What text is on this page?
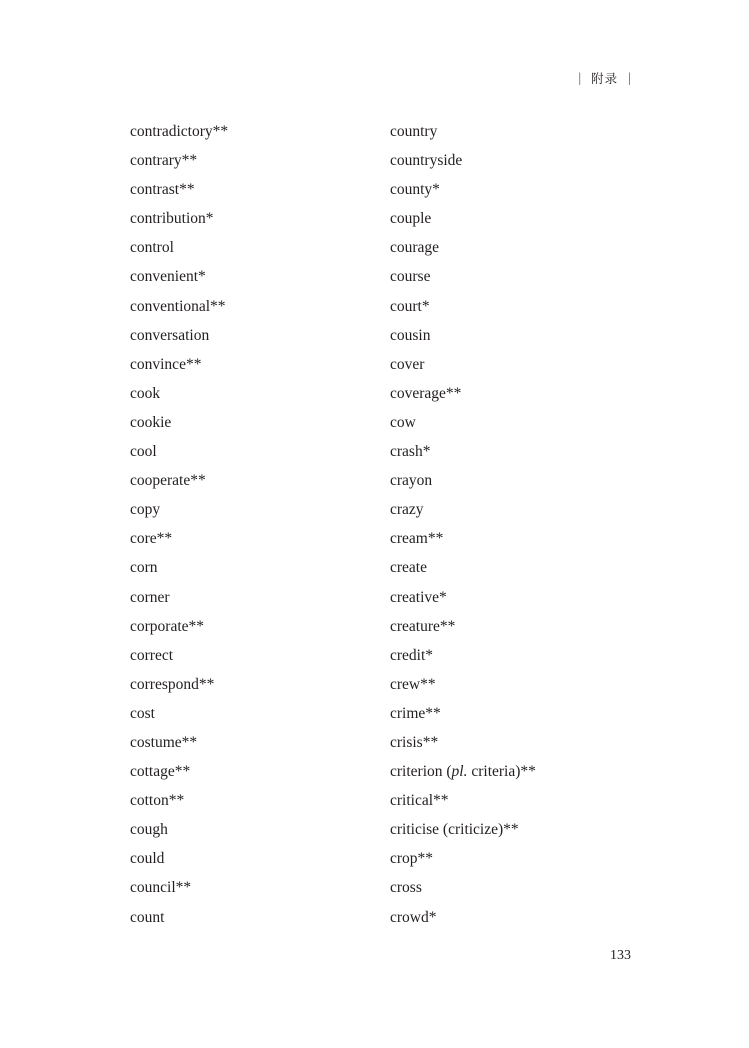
| 附录 |
contradictory**
contrary**
contrast**
contribution*
control
convenient*
conventional**
conversation
convince**
cook
cookie
cool
cooperate**
copy
core**
corn
corner
corporate**
correct
correspond**
cost
costume**
cottage**
cotton**
cough
could
council**
count
country
countryside
county*
couple
courage
course
court*
cousin
cover
coverage**
cow
crash*
crayon
crazy
cream**
create
creative*
creature**
credit*
crew**
crime**
crisis**
criterion (pl. criteria)**
critical**
criticise (criticize)**
crop**
cross
crowd*
133
